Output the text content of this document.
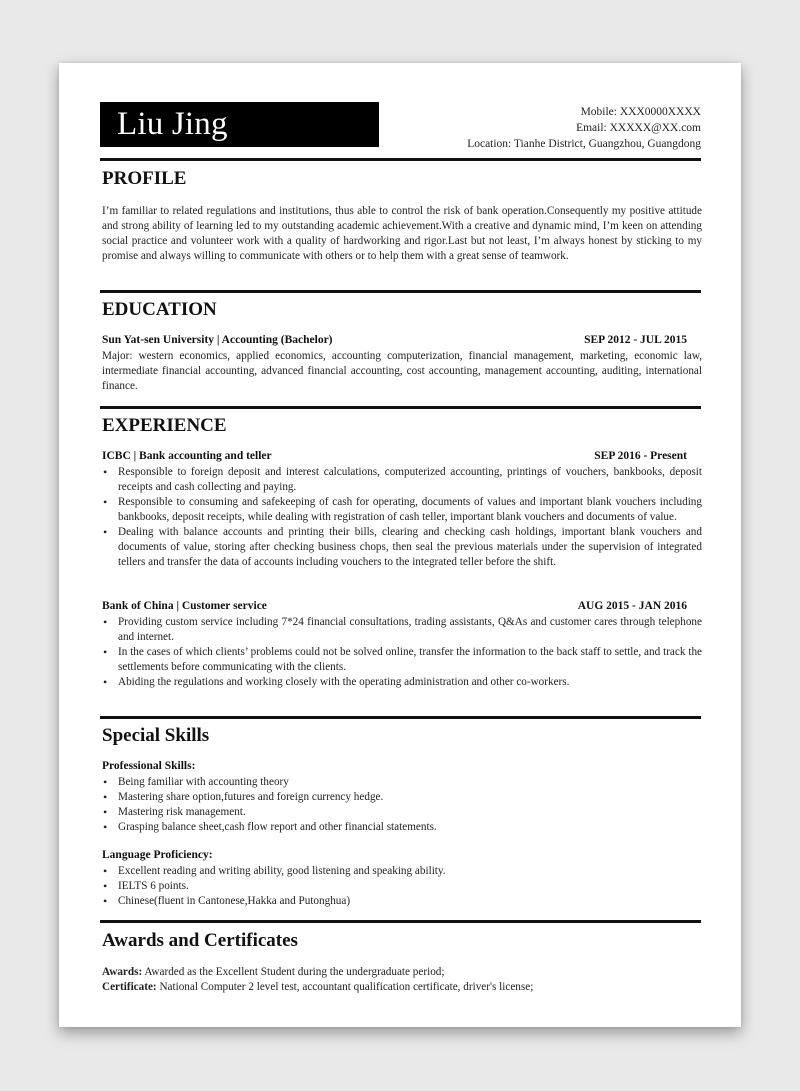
Liu Jing	Mobile: XXX0000XXXX
Email: XXXXX@XX.com
Location: Tianhe District, Guangzhou, Guangdong
PROFILE
I’m familiar to related regulations and institutions, thus able to control the risk of bank operation.Consequently my positive attitude and strong ability of learning led to my outstanding academic achievement.With a creative and dynamic mind, I’m keen on attending social practice and volunteer work with a quality of hardworking and rigor.Last but not least, I’m always honest by sticking to my promise and always willing to communicate with others or to help them with a great sense of teamwork.
EDUCATION
Sun Yat-sen University | Accounting (Bachelor)	SEP 2012 - JUL 2015
Major: western economics, applied economics, accounting computerization, financial management, marketing, economic law, intermediate financial accounting, advanced financial accounting, cost accounting, management accounting, auditing, international finance.
EXPERIENCE
ICBC | Bank accounting and teller	SEP 2016 - Present
• Responsible to foreign deposit and interest calculations, computerized accounting, printings of vouchers, bankbooks, deposit receipts and cash collecting and paying.
• Responsible to consuming and safekeeping of cash for operating, documents of values and important blank vouchers including bankbooks, deposit receipts, while dealing with registration of cash teller, important blank vouchers and documents of value.
• Dealing with balance accounts and printing their bills, clearing and checking cash holdings, important blank vouchers and documents of value, storing after checking business chops, then seal the previous materials under the supervision of integrated tellers and transfer the data of accounts including vouchers to the integrated teller before the shift.
Bank of China | Customer service	AUG 2015 - JAN 2016
• Providing custom service including 7*24 financial consultations, trading assistants, Q&As and customer cares through telephone and internet.
• In the cases of which clients’ problems could not be solved online, transfer the information to the back staff to settle, and track the settlements before communicating with the clients.
• Abiding the regulations and working closely with the operating administration and other co-workers.
Special Skills
Professional Skills:
• Being familiar with accounting theory
• Mastering share option,futures and foreign currency hedge.
• Mastering risk management.
• Grasping balance sheet,cash flow report and other financial statements.
Language Proficiency:
• Excellent reading and writing ability, good listening and speaking ability.
• IELTS 6 points.
• Chinese(fluent in Cantonese,Hakka and Putonghua)
Awards and Certificates
Awards: Awarded as the Excellent Student during the undergraduate period;
Certificate: National Computer 2 level test, accountant qualification certificate, driver's license;
